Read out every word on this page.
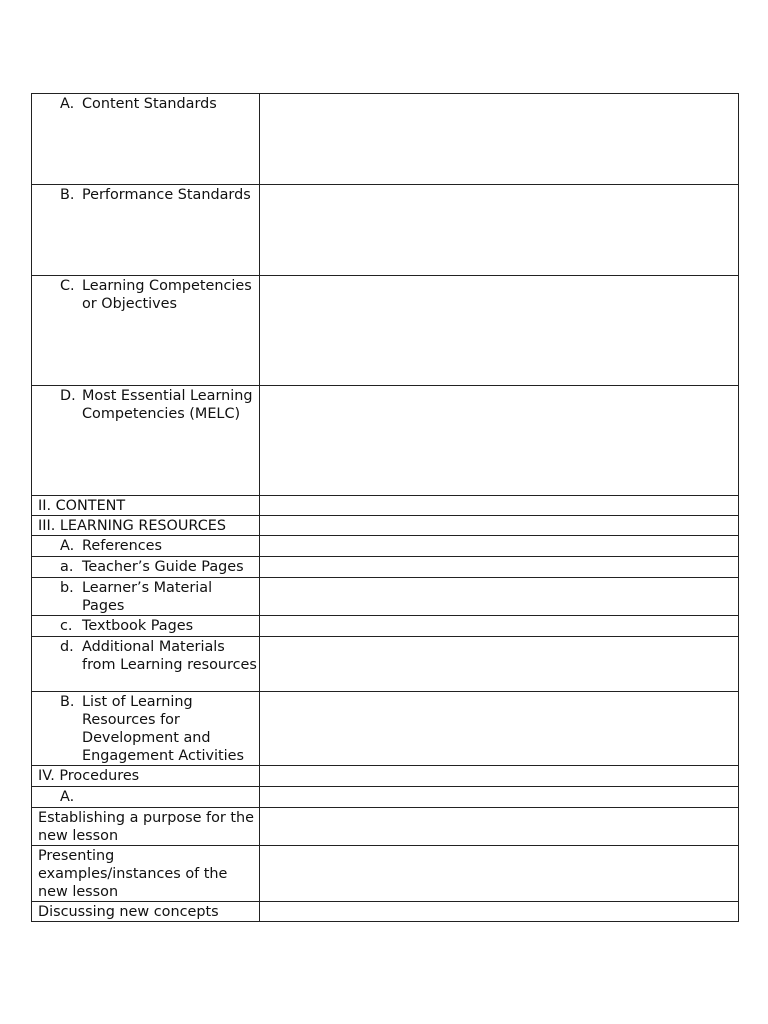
A. Content Standards	

B. Performance Standards	

C. Learning Competencies or Objectives	

D. Most Essential Learning Competencies (MELC)	

II. CONTENT	

III. LEARNING RESOURCES	

A. References	

a. Teacher’s Guide Pages	

b. Learner’s Material Pages	

c. Textbook Pages	

d. Additional Materials from Learning resources	

B. List of Learning Resources for Development and Engagement Activities	

IV. Procedures	

A.	

Establishing a purpose for the new lesson	

Presenting examples/instances of the new lesson	

Discussing new concepts	
